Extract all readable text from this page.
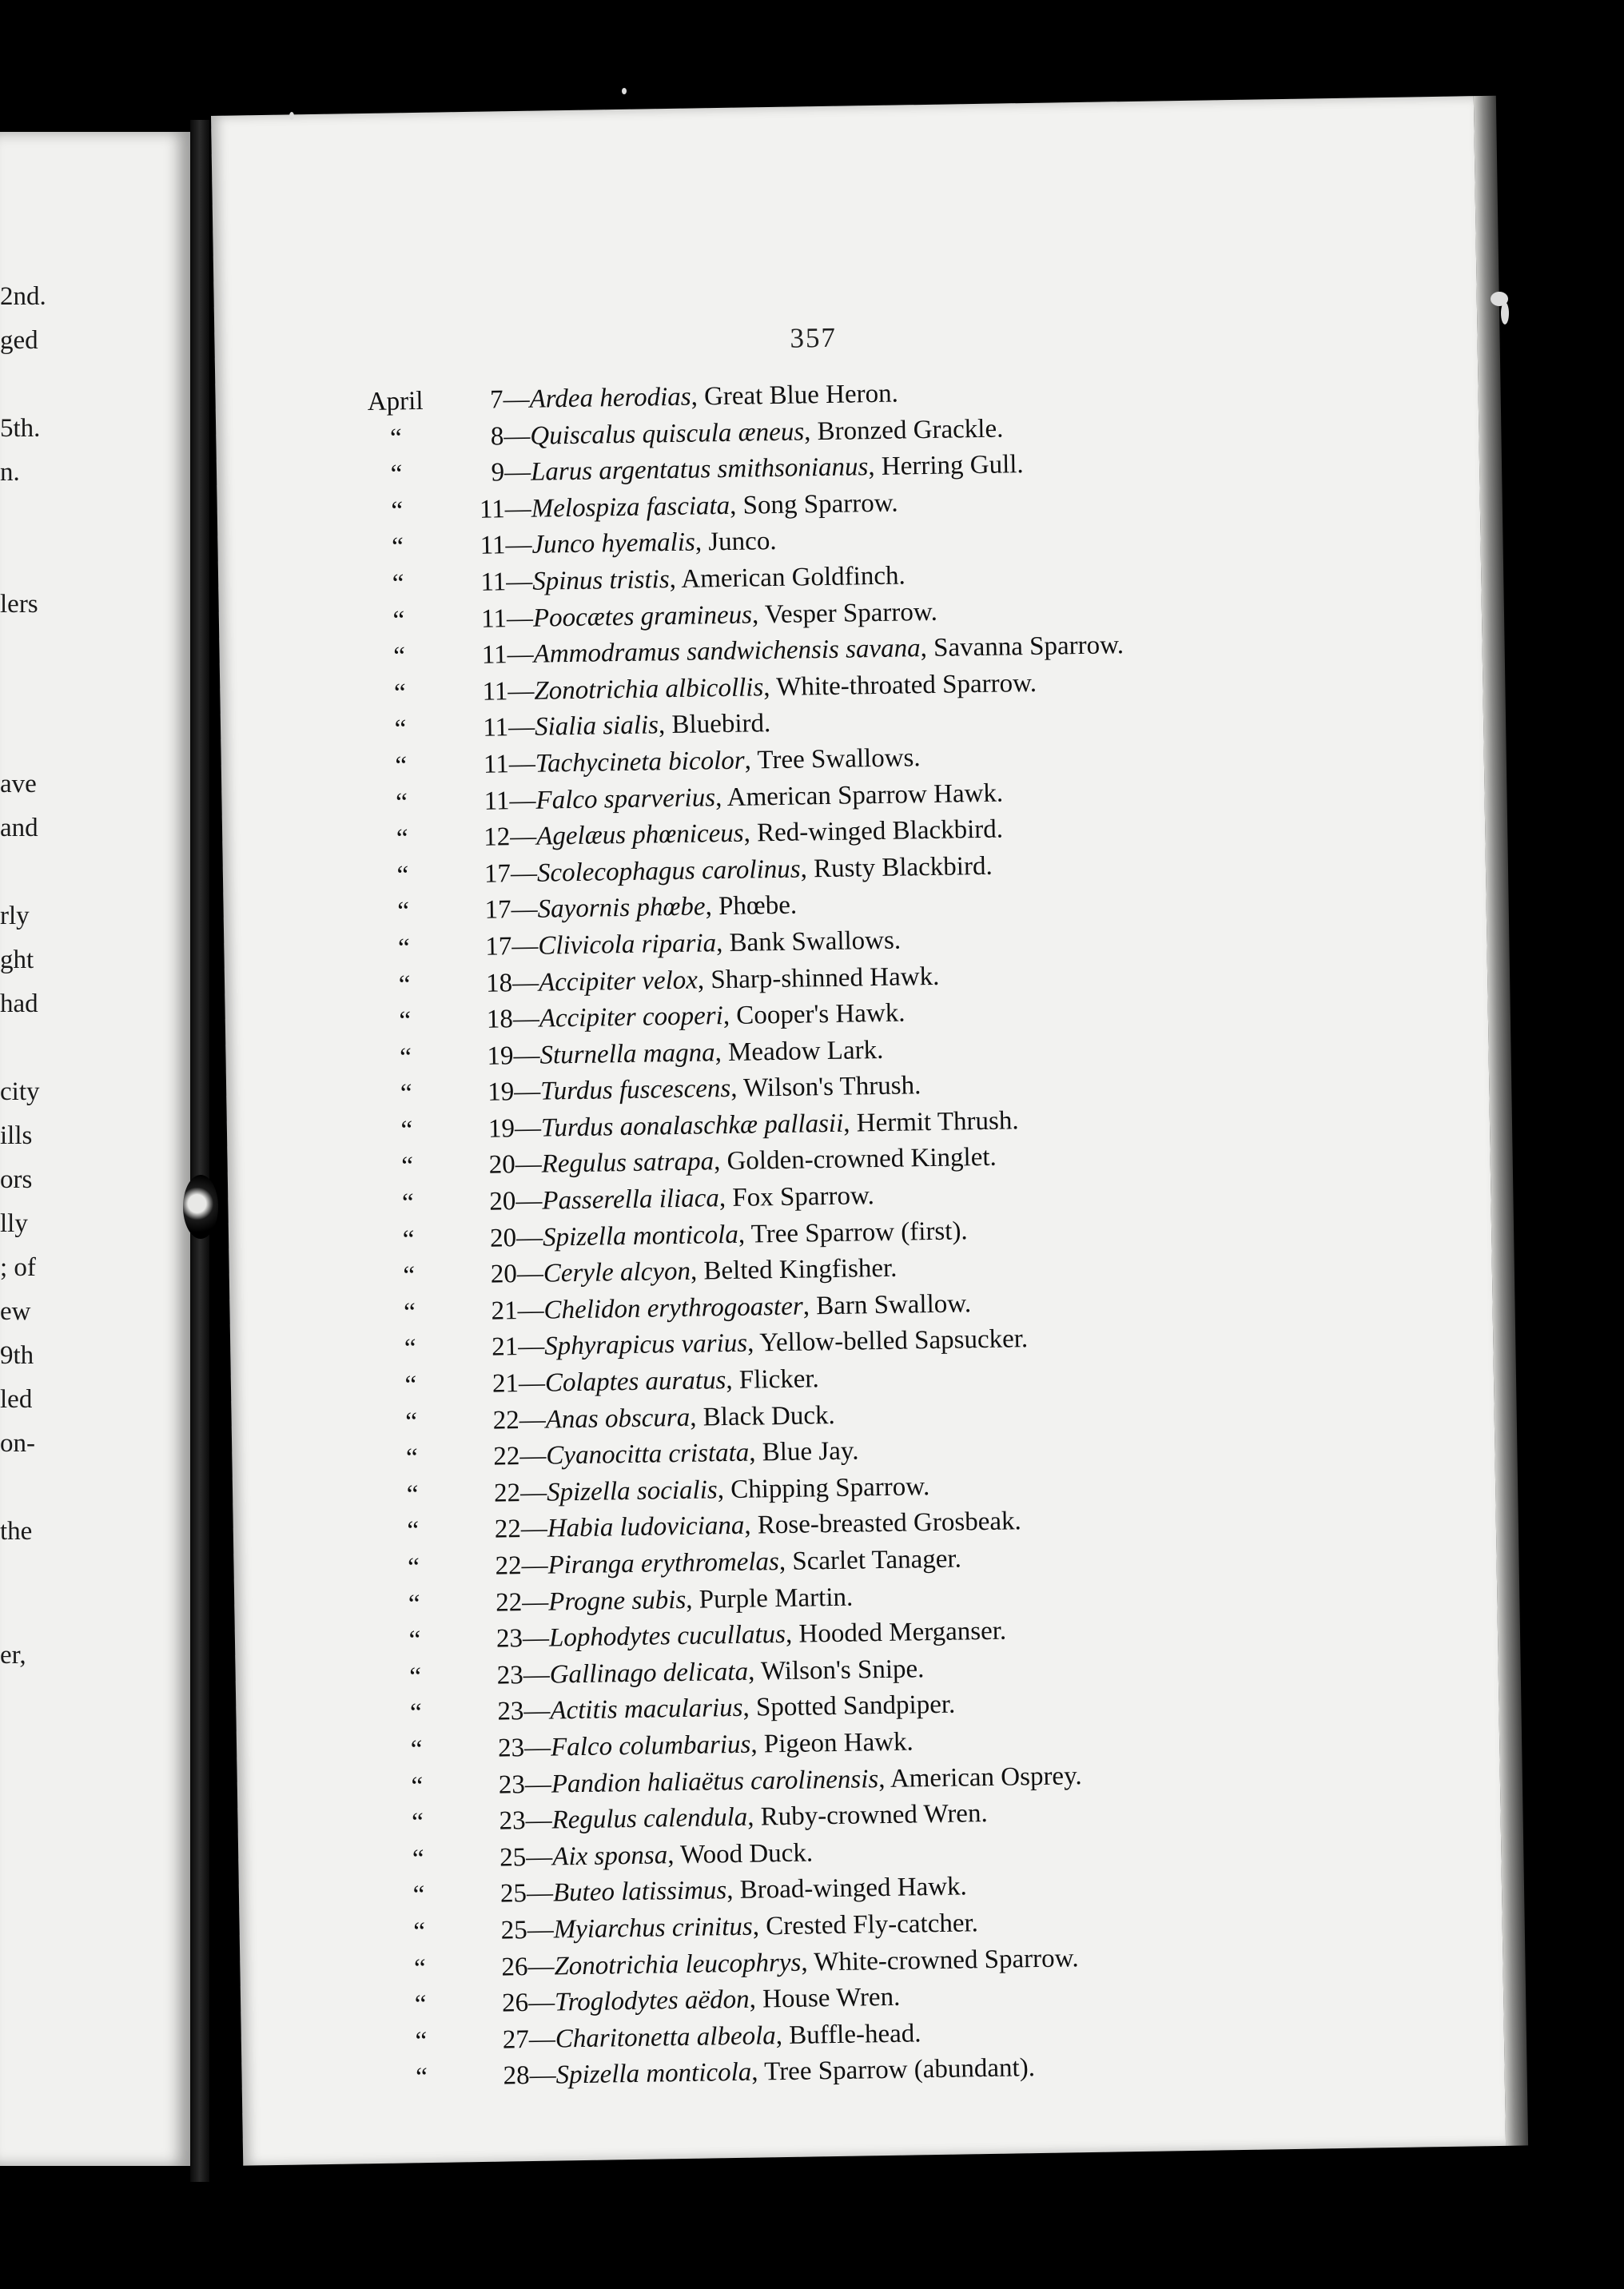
2nd.
ged
5th.
n.
lers
ave
and
rly
ght
had
city
ills
ors
lly
; of
ew
9th
led
on-
the
er,
357
April	7 — Ardea herodias , Great Blue Heron.
“	8 — Quiscalus quiscula æneus , Bronzed Grackle.
“	9 — Larus argentatus smithsonianus , Herring Gull.
“	11 — Melospiza fasciata , Song Sparrow.
“	11 — Junco hyemalis , Junco.
“	11 — Spinus tristis , American Goldfinch.
“	11 — Poocætes gramineus , Vesper Sparrow.
“	11 — Ammodramus sandwichensis savana , Savanna Sparrow.
“	11 — Zonotrichia albicollis , White-throated Sparrow.
“	11 — Sialia sialis , Bluebird.
“	11 — Tachycineta bicolor , Tree Swallows.
“	11 — Falco sparverius , American Sparrow Hawk.
“	12 — Agelæus phœniceus , Red-winged Blackbird.
“	17 — Scolecophagus carolinus , Rusty Blackbird.
“	17 — Sayornis phœbe , Phœbe.
“	17 — Clivicola riparia , Bank Swallows.
“	18 — Accipiter velox , Sharp-shinned Hawk.
“	18 — Accipiter cooperi , Cooper's Hawk.
“	19 — Sturnella magna , Meadow Lark.
“	19 — Turdus fuscescens , Wilson's Thrush.
“	19 — Turdus aonalaschkæ pallasii , Hermit Thrush.
“	20 — Regulus satrapa , Golden-crowned Kinglet.
“	20 — Passerella iliaca , Fox Sparrow.
“	20 — Spizella monticola , Tree Sparrow (first).
“	20 — Ceryle alcyon , Belted Kingfisher.
“	21 — Chelidon erythrogoaster , Barn Swallow.
“	21 — Sphyrapicus varius , Yellow-belled Sapsucker.
“	21 — Colaptes auratus , Flicker.
“	22 — Anas obscura , Black Duck.
“	22 — Cyanocitta cristata , Blue Jay.
“	22 — Spizella socialis , Chipping Sparrow.
“	22 — Habia ludoviciana , Rose-breasted Grosbeak.
“	22 — Piranga erythromelas , Scarlet Tanager.
“	22 — Progne subis , Purple Martin.
“	23 — Lophodytes cucullatus , Hooded Merganser.
“	23 — Gallinago delicata , Wilson's Snipe.
“	23 — Actitis macularius , Spotted Sandpiper.
“	23 — Falco columbarius , Pigeon Hawk.
“	23 — Pandion haliaëtus carolinensis , American Osprey.
“	23 — Regulus calendula , Ruby-crowned Wren.
“	25 — Aix sponsa , Wood Duck.
“	25 — Buteo latissimus , Broad-winged Hawk.
“	25 — Myiarchus crinitus , Crested Fly-catcher.
“	26 — Zonotrichia leucophrys , White-crowned Sparrow.
“	26 — Troglodytes aëdon , House Wren.
“	27 — Charitonetta albeola , Buffle-head.
“	28 — Spizella monticola , Tree Sparrow (abundant).
